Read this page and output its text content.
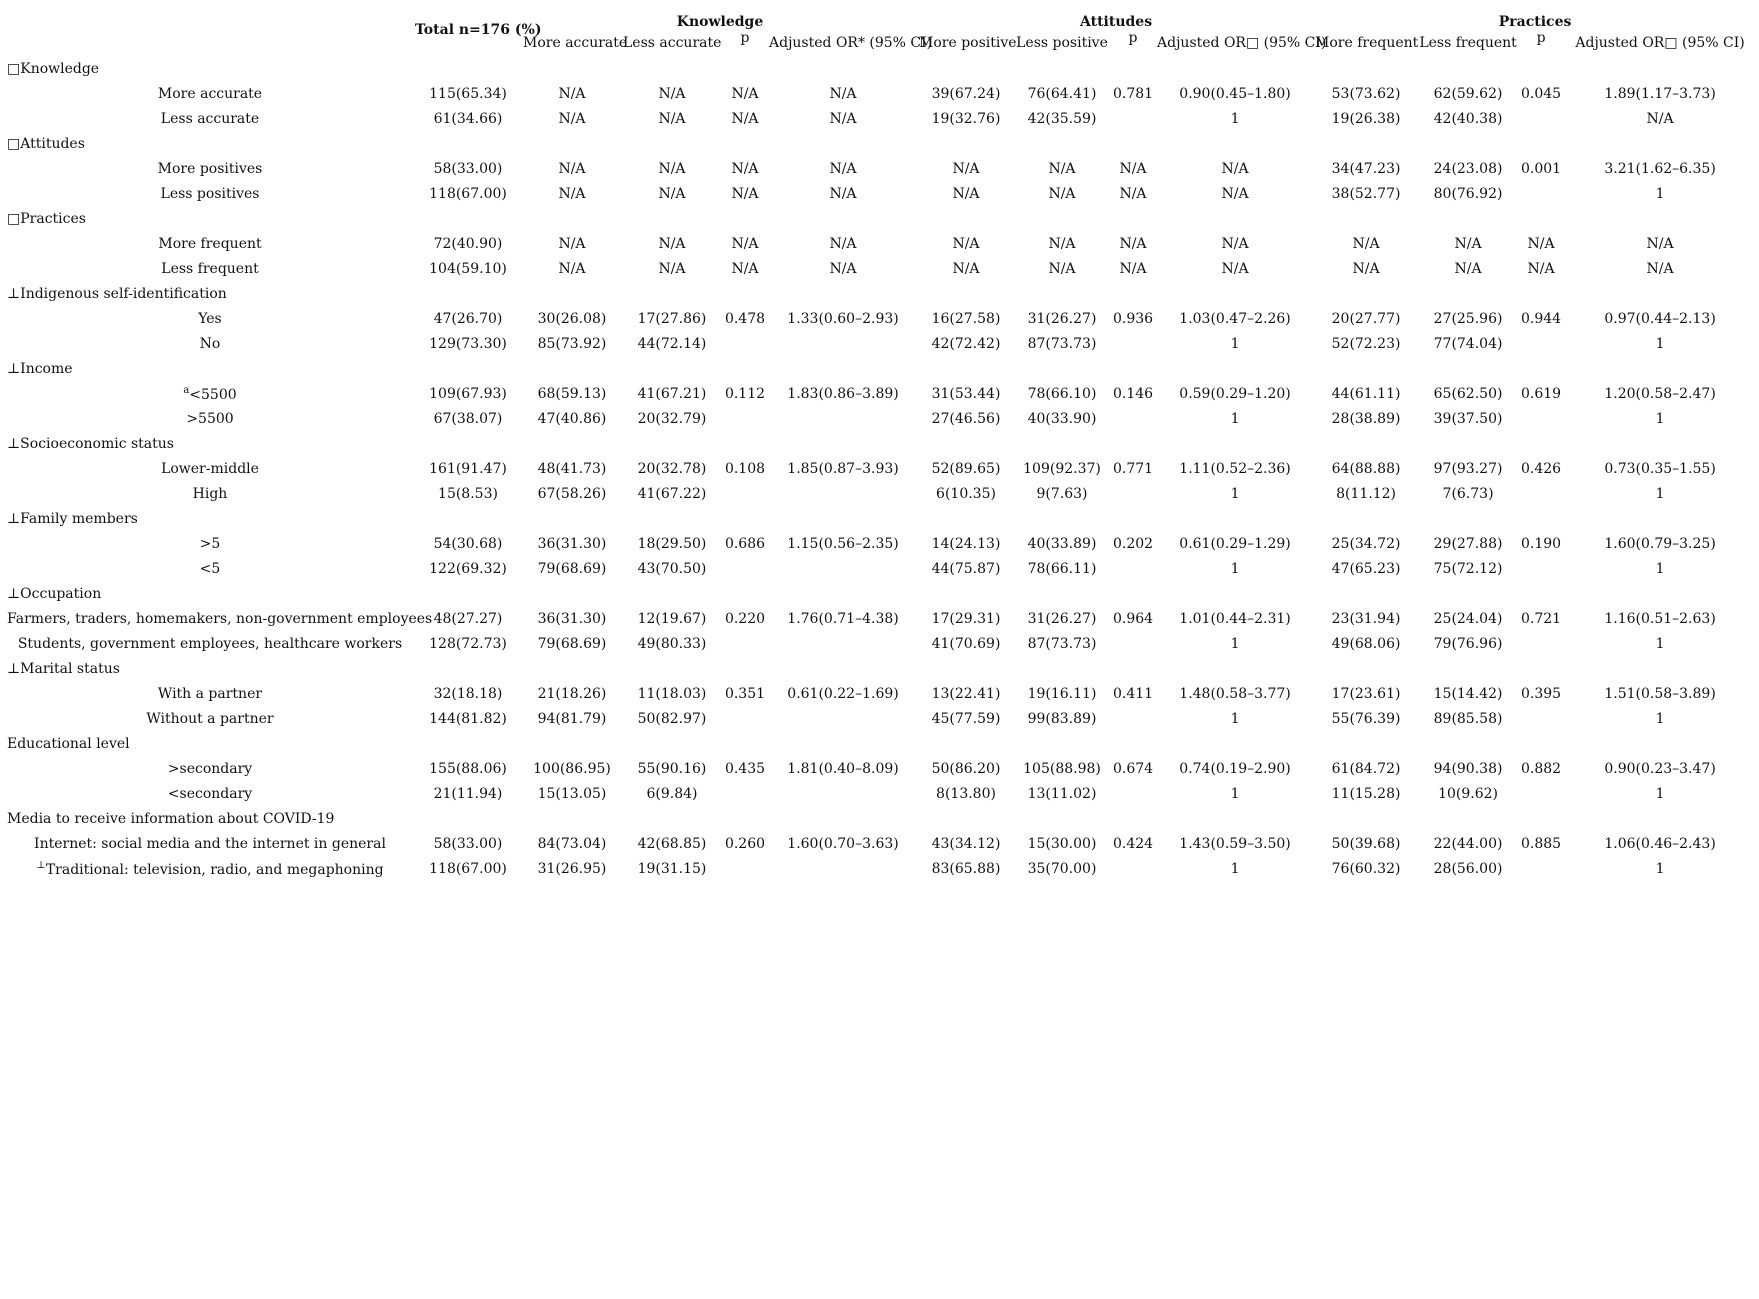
	Total n=176 (%)	Knowledge				Attitudes				Practices			
		More accurate	Less accurate	p	Adjusted OR* (95% CI)	More positive	Less positive	p	Adjusted OR□ (95% CI)	More frequent	Less frequent	p	Adjusted OR□ (95% CI)
□Knowledge													
More accurate	115(65.34)	N/A	N/A	N/A	N/A	39(67.24)	76(64.41)	0.781	0.90(0.45–1.80)	53(73.62)	62(59.62)	0.045	1.89(1.17–3.73)
Less accurate	61(34.66)	N/A	N/A	N/A	N/A	19(32.76)	42(35.59)		1	19(26.38)	42(40.38)		N/A
□Attitudes													
More positives	58(33.00)	N/A	N/A	N/A	N/A	N/A	N/A	N/A	N/A	34(47.23)	24(23.08)	0.001	3.21(1.62–6.35)
Less positives	118(67.00)	N/A	N/A	N/A	N/A	N/A	N/A	N/A	N/A	38(52.77)	80(76.92)		1
□Practices													
More frequent	72(40.90)	N/A	N/A	N/A	N/A	N/A	N/A	N/A	N/A	N/A	N/A	N/A	N/A
Less frequent	104(59.10)	N/A	N/A	N/A	N/A	N/A	N/A	N/A	N/A	N/A	N/A	N/A	N/A
⊥Indigenous self-identification													
Yes	47(26.70)	30(26.08)	17(27.86)	0.478	1.33(0.60–2.93)	16(27.58)	31(26.27)	0.936	1.03(0.47–2.26)	20(27.77)	27(25.96)	0.944	0.97(0.44–2.13)
No	129(73.30)	85(73.92)	44(72.14)			42(72.42)	87(73.73)		1	52(72.23)	77(74.04)		1
⊥Income													
$^a$<5500	109(67.93)	68(59.13)	41(67.21)	0.112	1.83(0.86–3.89)	31(53.44)	78(66.10)	0.146	0.59(0.29–1.20)	44(61.11)	65(62.50)	0.619	1.20(0.58–2.47)
>5500	67(38.07)	47(40.86)	20(32.79)			27(46.56)	40(33.90)		1	28(38.89)	39(37.50)		1
⊥Socioeconomic status													
Lower-middle	161(91.47)	48(41.73)	20(32.78)	0.108	1.85(0.87–3.93)	52(89.65)	109(92.37)	0.771	1.11(0.52–2.36)	64(88.88)	97(93.27)	0.426	0.73(0.35–1.55)
High	15(8.53)	67(58.26)	41(67.22)			6(10.35)	9(7.63)		1	8(11.12)	7(6.73)		1
⊥Family members													
>5	54(30.68)	36(31.30)	18(29.50)	0.686	1.15(0.56–2.35)	14(24.13)	40(33.89)	0.202	0.61(0.29–1.29)	25(34.72)	29(27.88)	0.190	1.60(0.79–3.25)
<5	122(69.32)	79(68.69)	43(70.50)			44(75.87)	78(66.11)		1	47(65.23)	75(72.12)		1
⊥Occupation													
Farmers, traders, homemakers, non-government employees	48(27.27)	36(31.30)	12(19.67)	0.220	1.76(0.71–4.38)	17(29.31)	31(26.27)	0.964	1.01(0.44–2.31)	23(31.94)	25(24.04)	0.721	1.16(0.51–2.63)
Students, government employees, healthcare workers	128(72.73)	79(68.69)	49(80.33)			41(70.69)	87(73.73)		1	49(68.06)	79(76.96)		1
⊥Marital status													
With a partner	32(18.18)	21(18.26)	11(18.03)	0.351	0.61(0.22–1.69)	13(22.41)	19(16.11)	0.411	1.48(0.58–3.77)	17(23.61)	15(14.42)	0.395	1.51(0.58–3.89)
Without a partner	144(81.82)	94(81.79)	50(82.97)			45(77.59)	99(83.89)		1	55(76.39)	89(85.58)		1
Educational level													
>secondary	155(88.06)	100(86.95)	55(90.16)	0.435	1.81(0.40–8.09)	50(86.20)	105(88.98)	0.674	0.74(0.19–2.90)	61(84.72)	94(90.38)	0.882	0.90(0.23–3.47)
<secondary	21(11.94)	15(13.05)	6(9.84)			8(13.80)	13(11.02)		1	11(15.28)	10(9.62)		1
Media to receive information about COVID-19													
Internet: social media and the internet in general	58(33.00)	84(73.04)	42(68.85)	0.260	1.60(0.70–3.63)	43(34.12)	15(30.00)	0.424	1.43(0.59–3.50)	50(39.68)	22(44.00)	0.885	1.06(0.46–2.43)
⊥Traditional: television, radio, and megaphoning	118(67.00)	31(26.95)	19(31.15)			83(65.88)	35(70.00)		1	76(60.32)	28(56.00)		1
